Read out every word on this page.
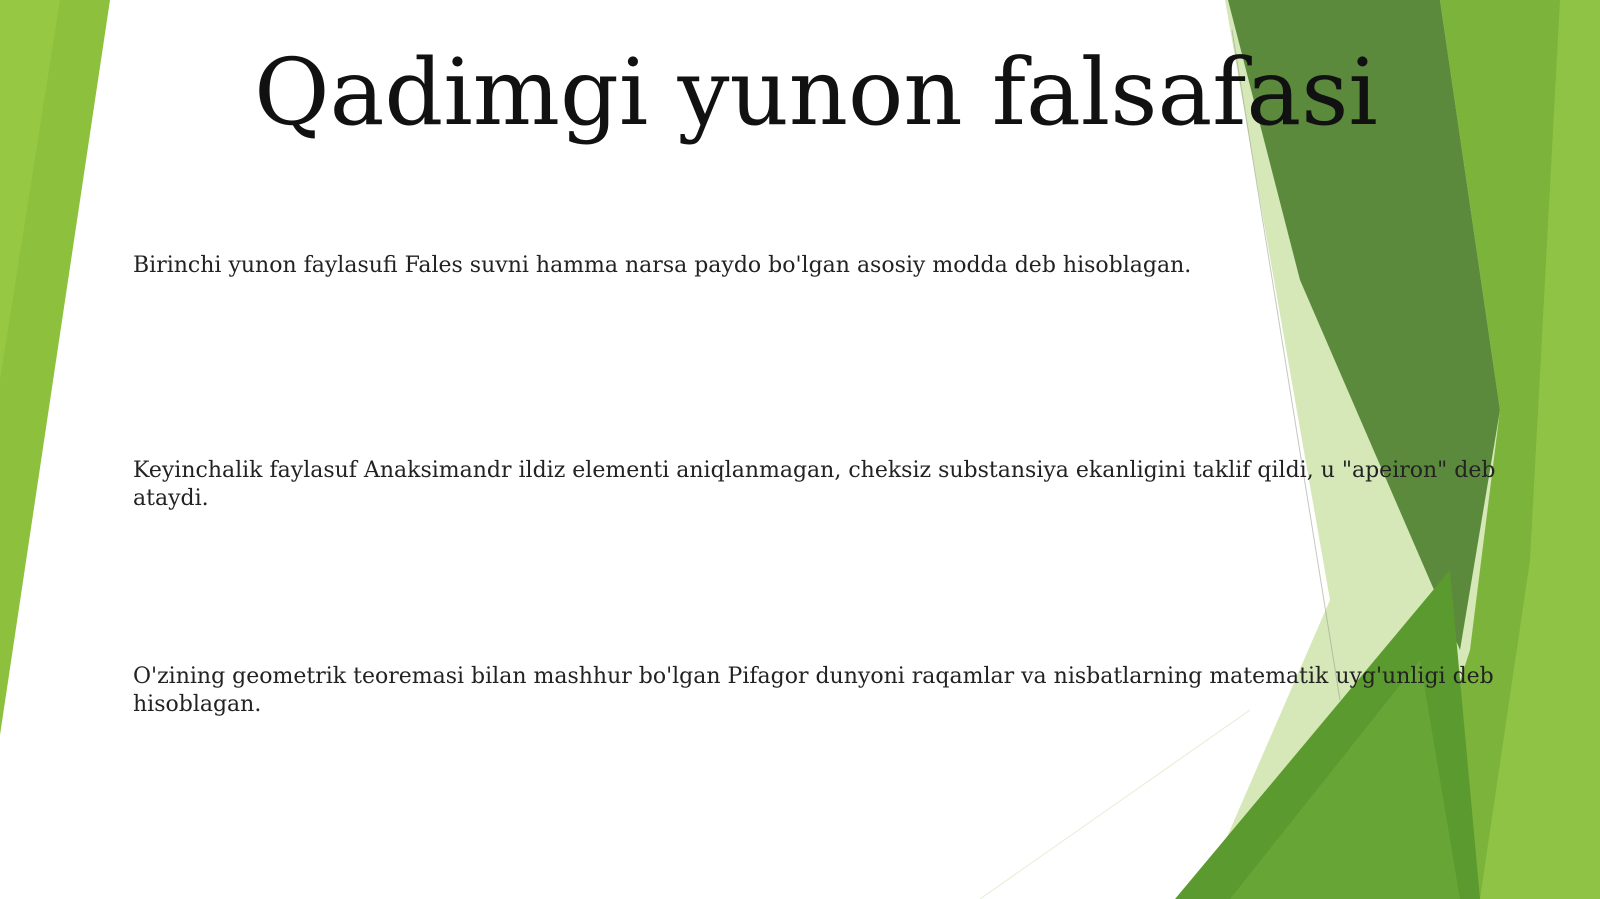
Qadimgi yunon falsafasi

Birinchi yunon faylasufi Fales suvni hamma narsa paydo bo'lgan asosiy modda deb hisoblagan.

Keyinchalik faylasuf Anaksimandr ildiz elementi aniqlanmagan, cheksiz substansiya ekanligini taklif qildi, u "apeiron" deb ataydi.

O'zining geometrik teoremasi bilan mashhur bo'lgan Pifagor dunyoni raqamlar va nisbatlarning matematik uyg'unligi deb hisoblagan.
